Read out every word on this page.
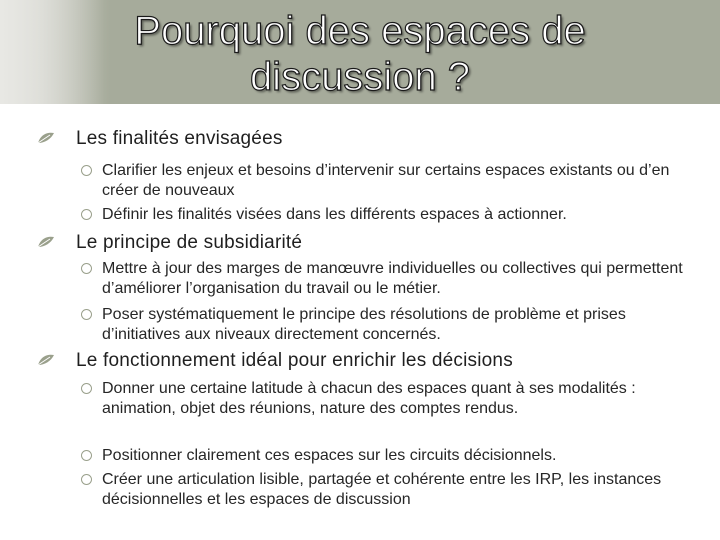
Pourquoi des espaces de discussion ?
Les finalités envisagées
Clarifier les enjeux et besoins d’intervenir sur certains espaces existants ou d’en créer de nouveaux
Définir les finalités visées dans les différents espaces à actionner.
Le principe de subsidiarité
Mettre à jour des marges de manœuvre individuelles ou collectives qui permettent d’améliorer l’organisation du travail ou le métier.
Poser systématiquement le principe des résolutions de problème et prises d’initiatives aux niveaux directement concernés.
Le fonctionnement idéal pour enrichir les décisions
Donner une certaine latitude à chacun des espaces quant à ses modalités : animation, objet des réunions, nature des comptes rendus.
Positionner clairement ces espaces sur les circuits décisionnels.
Créer une articulation lisible, partagée et cohérente entre les IRP, les instances décisionnelles et les espaces de discussion
